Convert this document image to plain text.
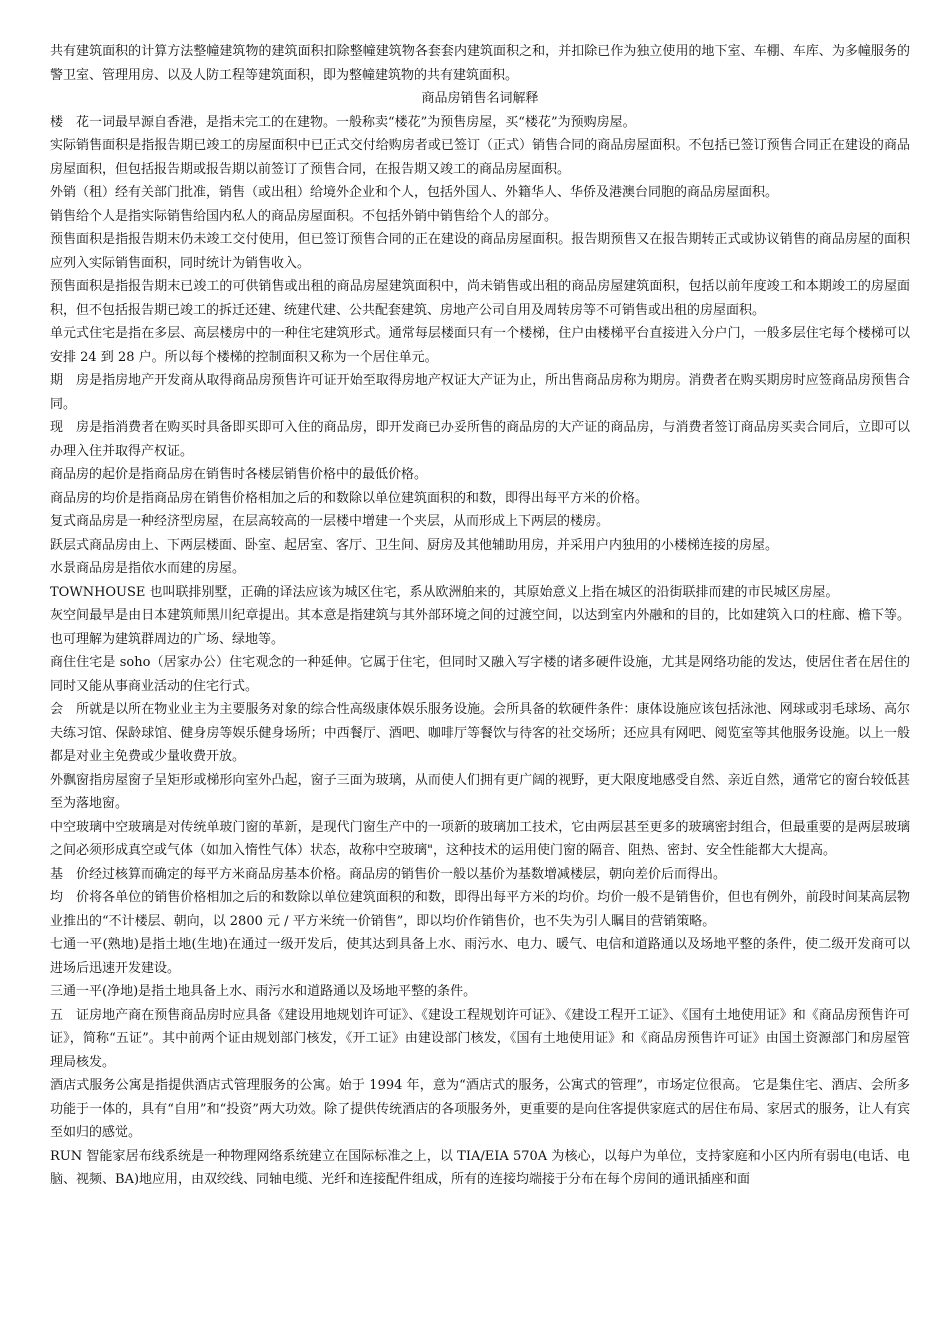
共有建筑面积的计算方法整幢建筑物的建筑面积扣除整幢建筑物各套套内建筑面积之和，并扣除已作为独立使用的地下室、车棚、车库、为多幢服务的警卫室、管理用房、以及人防工程等建筑面积，即为整幢建筑物的共有建筑面积。

商品房销售名词解释

楼　花一词最早源自香港，是指未完工的在建物。一般称卖“楼花”为预售房屋，买“楼花”为预购房屋。

实际销售面积是指报告期已竣工的房屋面积中已正式交付给购房者或已签订（正式）销售合同的商品房屋面积。不包括已签订预售合同正在建设的商品房屋面积，但包括报告期或报告期以前签订了预售合同，在报告期又竣工的商品房屋面积。

外销（租）经有关部门批准，销售（或出租）给境外企业和个人，包括外国人、外籍华人、华侨及港澳台同胞的商品房屋面积。

销售给个人是指实际销售给国内私人的商品房屋面积。不包括外销中销售给个人的部分。

预售面积是指报告期末仍未竣工交付使用，但已签订预售合同的正在建设的商品房屋面积。报告期预售又在报告期转正式或协议销售的商品房屋的面积应列入实际销售面积，同时统计为销售收入。

预售面积是指报告期末已竣工的可供销售或出租的商品房屋建筑面积中，尚未销售或出租的商品房屋建筑面积，包括以前年度竣工和本期竣工的房屋面积，但不包括报告期已竣工的拆迁还建、统建代建、公共配套建筑、房地产公司自用及周转房等不可销售或出租的房屋面积。

单元式住宅是指在多层、高层楼房中的一种住宅建筑形式。通常每层楼面只有一个楼梯，住户由楼梯平台直接进入分户门，一般多层住宅每个楼梯可以安排 24 到 28 户。所以每个楼梯的控制面积又称为一个居住单元。

期　房是指房地产开发商从取得商品房预售许可证开始至取得房地产权证大产证为止，所出售商品房称为期房。消费者在购买期房时应签商品房预售合同。

现　房是指消费者在购买时具备即买即可入住的商品房，即开发商已办妥所售的商品房的大产证的商品房，与消费者签订商品房买卖合同后，立即可以办理入住并取得产权证。

商品房的起价是指商品房在销售时各楼层销售价格中的最低价格。

商品房的均价是指商品房在销售价格相加之后的和数除以单位建筑面积的和数，即得出每平方米的价格。

复式商品房是一种经济型房屋，在层高较高的一层楼中增建一个夹层，从而形成上下两层的楼房。

跃层式商品房由上、下两层楼面、卧室、起居室、客厅、卫生间、厨房及其他辅助用房，并采用户内独用的小楼梯连接的房屋。

水景商品房是指依水而建的房屋。

TOWNHOUSE 也叫联排别墅，正确的译法应该为城区住宅，系从欧洲舶来的，其原始意义上指在城区的沿街联排而建的市民城区房屋。

灰空间最早是由日本建筑师黑川纪章提出。其本意是指建筑与其外部环境之间的过渡空间，以达到室内外融和的目的，比如建筑入口的柱廊、檐下等。也可理解为建筑群周边的广场、绿地等。

商住住宅是 soho（居家办公）住宅观念的一种延伸。它属于住宅，但同时又融入写字楼的诸多硬件设施，尤其是网络功能的发达，使居住者在居住的同时又能从事商业活动的住宅行式。

会　所就是以所在物业业主为主要服务对象的综合性高级康体娱乐服务设施。会所具备的软硬件条件：康体设施应该包括泳池、网球或羽毛球场、高尔夫练习馆、保龄球馆、健身房等娱乐健身场所；中西餐厅、酒吧、咖啡厅等餐饮与待客的社交场所；还应具有网吧、阅览室等其他服务设施。以上一般都是对业主免费或少量收费开放。

外飘窗指房屋窗子呈矩形或梯形向室外凸起，窗子三面为玻璃，从而使人们拥有更广阔的视野，更大限度地感受自然、亲近自然，通常它的窗台较低甚至为落地窗。

中空玻璃中空玻璃是对传统单玻门窗的革新，是现代门窗生产中的一项新的玻璃加工技术，它由两层甚至更多的玻璃密封组合，但最重要的是两层玻璃之间必须形成真空或气体（如加入惰性气体）状态，故称中空玻璃"，这种技术的运用使门窗的隔音、阻热、密封、安全性能都大大提高。

基　价经过核算而确定的每平方米商品房基本价格。商品房的销售价一般以基价为基数增减楼层，朝向差价后而得出。

均　价将各单位的销售价格相加之后的和数除以单位建筑面积的和数，即得出每平方米的均价。均价一般不是销售价，但也有例外，前段时间某高层物业推出的“不计楼层、朝向，以 2800 元 / 平方米统一价销售”，即以均价作销售价，也不失为引人瞩目的营销策略。

七通一平(熟地)是指土地(生地)在通过一级开发后，使其达到具备上水、雨污水、电力、暖气、电信和道路通以及场地平整的条件，使二级开发商可以进场后迅速开发建设。

三通一平(净地)是指土地具备上水、雨污水和道路通以及场地平整的条件。

五　证房地产商在预售商品房时应具备《建设用地规划许可证》、《建设工程规划许可证》、《建设工程开工证》、《国有土地使用证》和《商品房预售许可证》，简称“五证”。其中前两个证由规划部门核发，《开工证》由建设部门核发，《国有土地使用证》和《商品房预售许可证》由国土资源部门和房屋管理局核发。

酒店式服务公寓是指提供酒店式管理服务的公寓。始于 1994 年，意为“酒店式的服务，公寓式的管理”，市场定位很高。 它是集住宅、酒店、会所多功能于一体的，具有“自用”和“投资”两大功效。除了提供传统酒店的各项服务外，更重要的是向住客提供家庭式的居住布局、家居式的服务，让人有宾至如归的感觉。

RUN 智能家居布线系统是一种物理网络系统建立在国际标准之上，以 TIA/EIA 570A 为核心，以每户为单位，支持家庭和小区内所有弱电(电话、电脑、视频、BA)地应用，由双绞线、同轴电缆、光纤和连接配件组成，所有的连接均端接于分布在每个房间的通讯插座和面
